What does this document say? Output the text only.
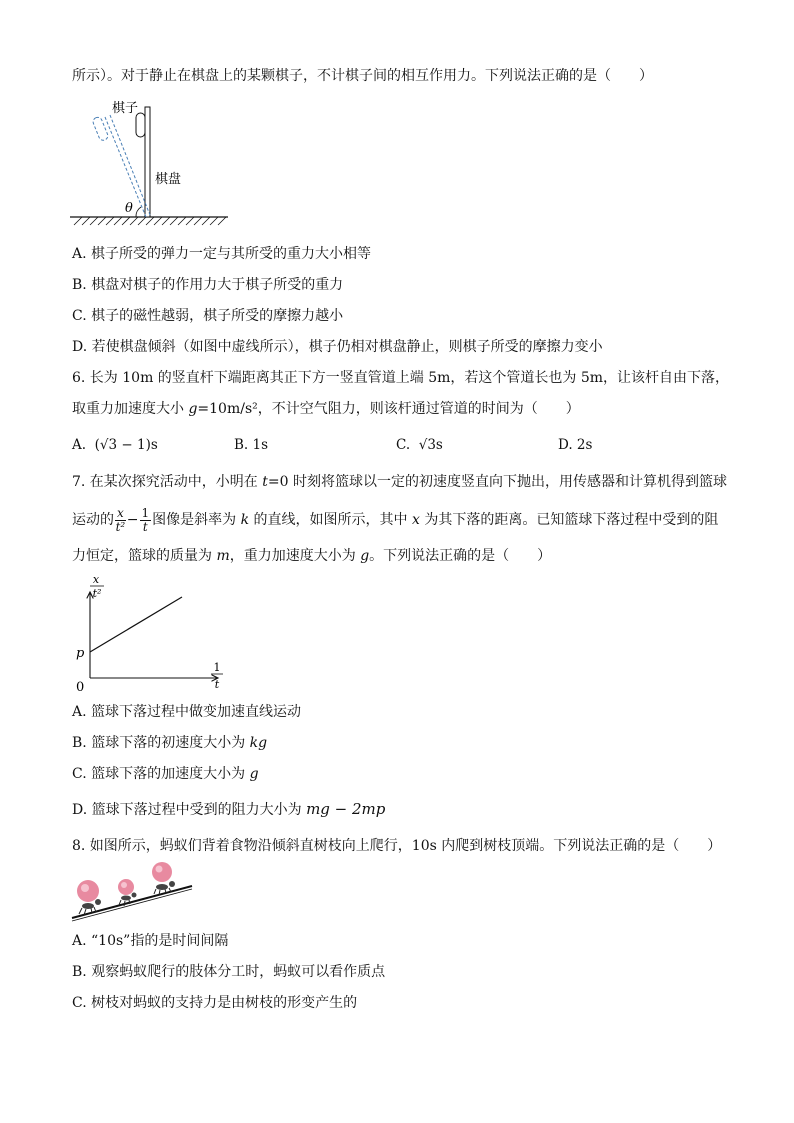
所示）。对于静止在棋盘上的某颗棋子，不计棋子间的相互作用力。下列说法正确的是（　　）
θ
棋子
棋盘
A. 棋子所受的弹力一定与其所受的重力大小相等
B. 棋盘对棋子的作用力大于棋子所受的重力
C. 棋子的磁性越弱，棋子所受的摩擦力越小
D. 若使棋盘倾斜（如图中虚线所示），棋子仍相对棋盘静止，则棋子所受的摩擦力变小
6. 长为 10m 的竖直杆下端距离其正下方一竖直管道上端 5m，若这个管道长也为 5m，让该杆自由下落，
取重力加速度大小 g=10m/s²，不计空气阻力，则该杆通过管道的时间为（　　）
A. (√3 − 1)s	B. 1s	C. √3s	D. 2s
7. 在某次探究活动中，小明在 t=0 时刻将篮球以一定的初速度竖直向下抛出，用传感器和计算机得到篮球
运动的 $\frac{x}{\text{t²}} - \frac{1}{t}$ 图像是斜率为 k 的直线，如图所示，其中 x 为其下落的距离。已知篮球下落过程中受到的阻
力恒定，篮球的质量为 m，重力加速度大小为 g。下列说法正确的是（　　）
x
t²
1
t
p
0
A. 篮球下落过程中做变加速直线运动
B. 篮球下落的初速度大小为 kg
C. 篮球下落的加速度大小为 g
D. 篮球下落过程中受到的阻力大小为 mg − 2mp
8. 如图所示，蚂蚁们背着食物沿倾斜直树枝向上爬行，10s 内爬到树枝顶端。下列说法正确的是（　　）
A. “10s”指的是时间间隔
B. 观察蚂蚁爬行的肢体分工时，蚂蚁可以看作质点
C. 树枝对蚂蚁的支持力是由树枝的形变产生的
